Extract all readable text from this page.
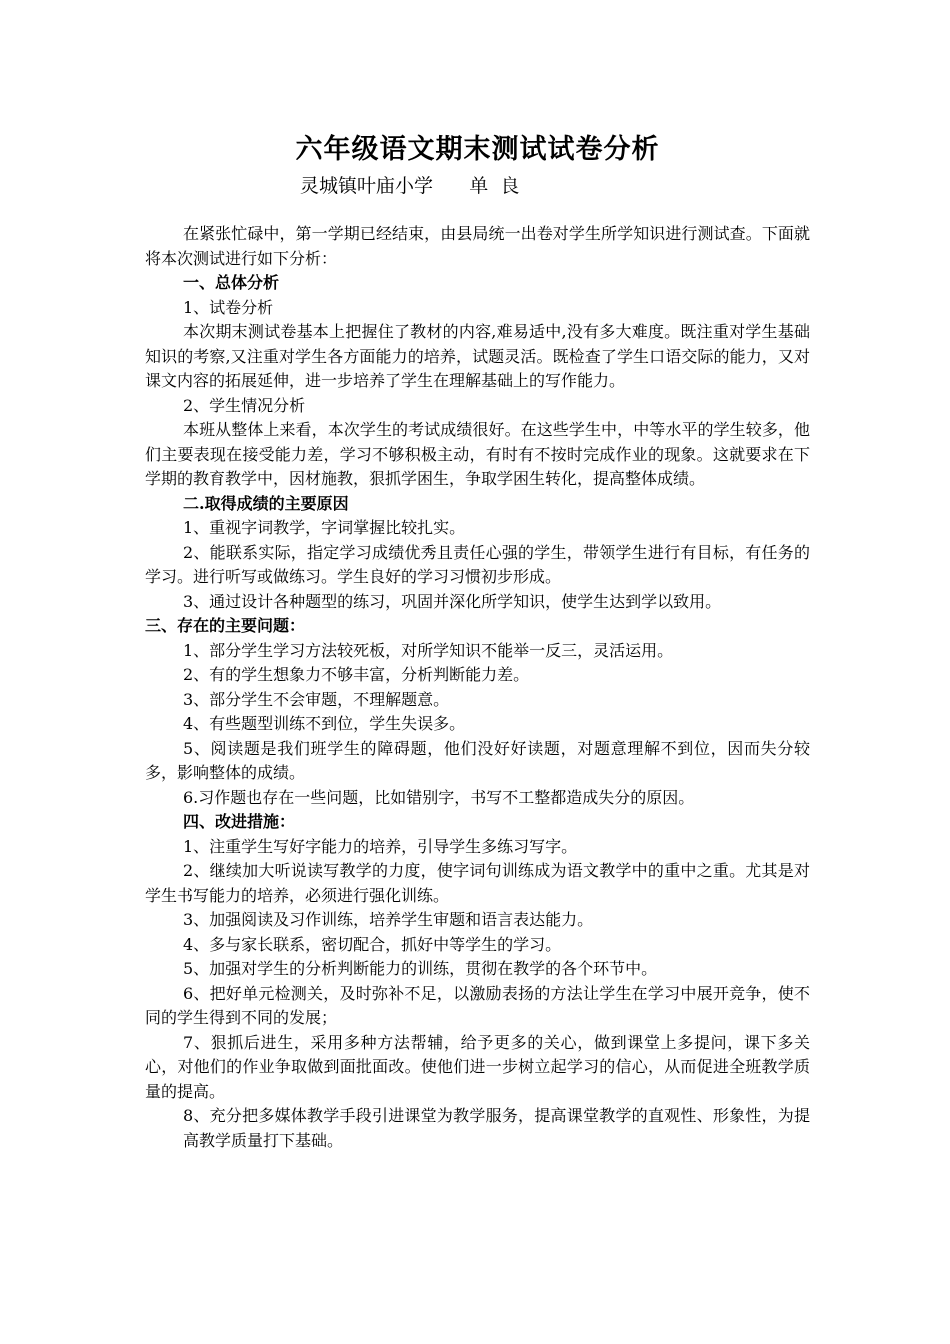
六年级语文期末测试试卷分析
灵城镇叶庙小学      单  良

在紧张忙碌中，第一学期已经结束，由县局统一出卷对学生所学知识进行测试查。下面就将本次测试进行如下分析：

一、总体分析

1、试卷分析

本次期末测试卷基本上把握住了教材的内容,难易适中,没有多大难度。既注重对学生基础知识的考察,又注重对学生各方面能力的培养，试题灵活。既检查了学生口语交际的能力，又对课文内容的拓展延伸，进一步培养了学生在理解基础上的写作能力。

2、学生情况分析

本班从整体上来看，本次学生的考试成绩很好。在这些学生中，中等水平的学生较多，他们主要表现在接受能力差，学习不够积极主动，有时有不按时完成作业的现象。这就要求在下学期的教育教学中，因材施教，狠抓学困生，争取学困生转化，提高整体成绩。

二.取得成绩的主要原因

1、重视字词教学，字词掌握比较扎实。

2、能联系实际，指定学习成绩优秀且责任心强的学生，带领学生进行有目标，有任务的学习。进行听写或做练习。学生良好的学习习惯初步形成。

3、通过设计各种题型的练习，巩固并深化所学知识，使学生达到学以致用。

三、存在的主要问题：

1、部分学生学习方法较死板，对所学知识不能举一反三，灵活运用。

2、有的学生想象力不够丰富，分析判断能力差。

3、部分学生不会审题，不理解题意。

4、有些题型训练不到位，学生失误多。

5、阅读题是我们班学生的障碍题，他们没好好读题，对题意理解不到位，因而失分较多，影响整体的成绩。

6.习作题也存在一些问题，比如错别字，书写不工整都造成失分的原因。

四、改进措施：

1、注重学生写好字能力的培养，引导学生多练习写字。

2、继续加大听说读写教学的力度，使字词句训练成为语文教学中的重中之重。尤其是对学生书写能力的培养，必须进行强化训练。

3、加强阅读及习作训练，培养学生审题和语言表达能力。

4、多与家长联系，密切配合，抓好中等学生的学习。

5、加强对学生的分析判断能力的训练，贯彻在教学的各个环节中。

6、把好单元检测关，及时弥补不足，以激励表扬的方法让学生在学习中展开竞争，使不同的学生得到不同的发展；

7、狠抓后进生，采用多种方法帮辅，给予更多的关心，做到课堂上多提问，课下多关心，对他们的作业争取做到面批面改。使他们进一步树立起学习的信心，从而促进全班教学质量的提高。

8、充分把多媒体教学手段引进课堂为教学服务，提高课堂教学的直观性、形象性，为提高教学质量打下基础。
